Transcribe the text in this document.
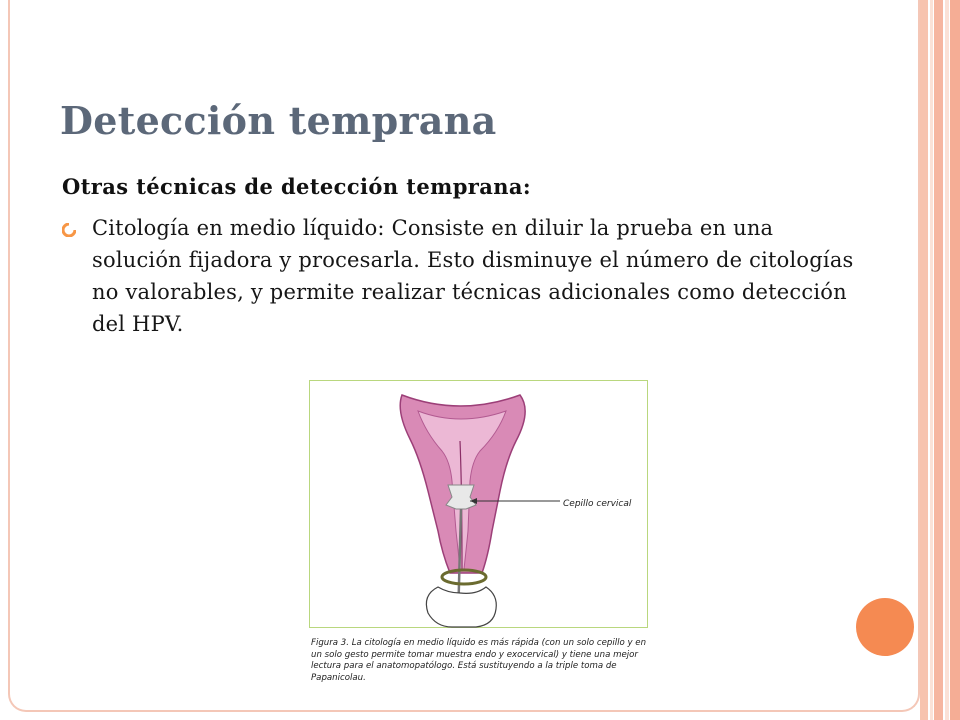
Detección temprana

Otras técnicas de detección temprana:

Citología en medio líquido: Consiste en diluir la prueba en una solución fijadora y procesarla. Esto disminuye el número de citologías no valorables, y permite realizar técnicas adicionales como detección del HPV.
Cepillo cervical

Figura 3. La citología en medio líquido es más rápida (con un solo cepillo y en un solo gesto permite tomar muestra endo y exocervical) y tiene una mejor lectura para el anatomopatólogo. Está sustituyendo a la triple toma de Papanicolau.
